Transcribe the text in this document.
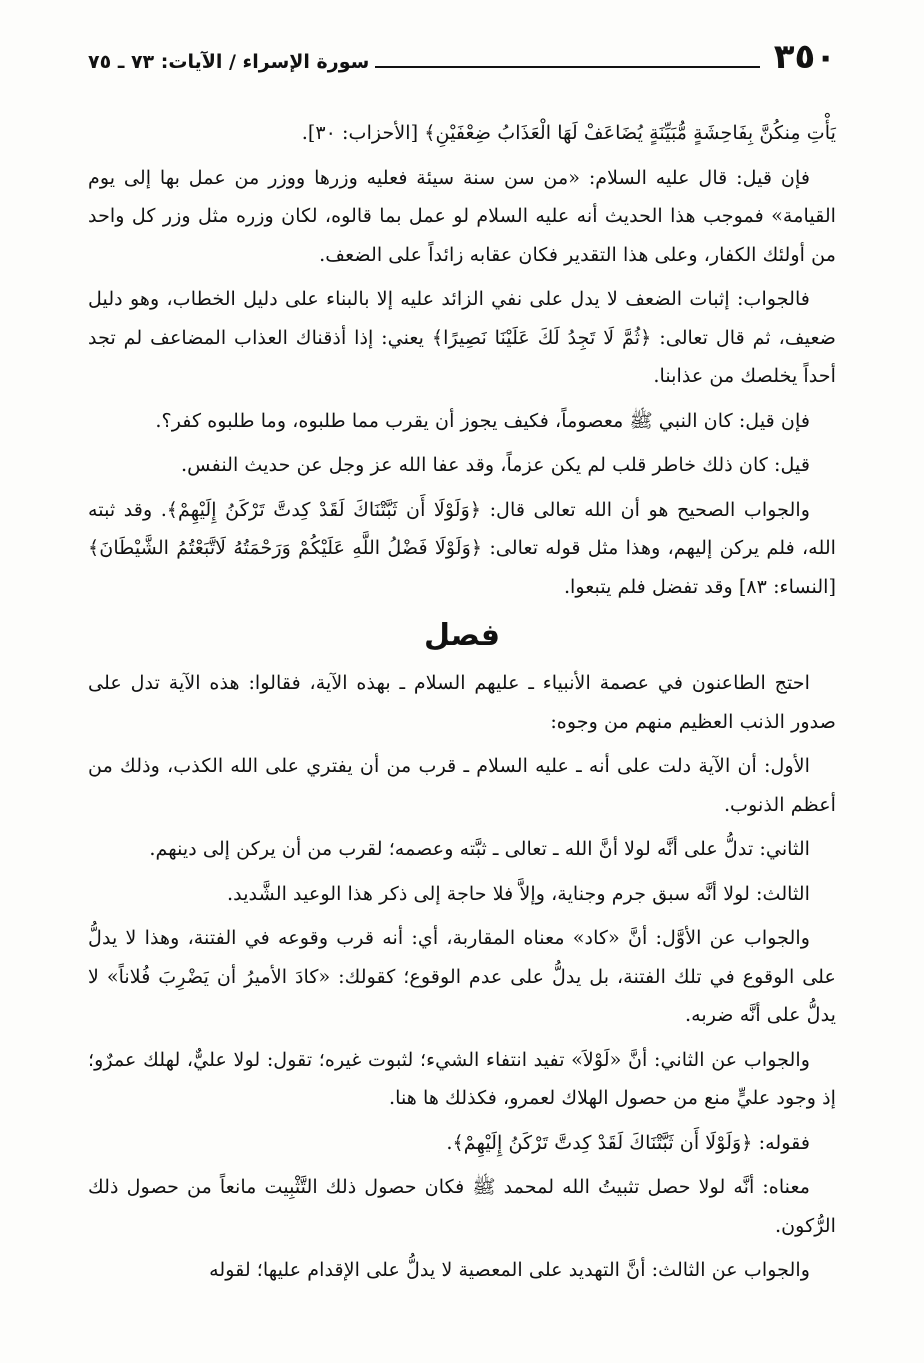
٣٥٠
سورة الإسراء / الآيات: ٧٣ ـ ٧٥

يَأْتِ مِنكُنَّ بِفَاحِشَةٍ مُّبَيِّنَةٍ يُضَاعَفْ لَهَا الْعَذَابُ ضِعْفَيْنِ﴾ [الأحزاب: ٣٠].

فإن قيل: قال عليه السلام: «من سن سنة سيئة فعليه وزرها ووزر من عمل بها إلى يوم القيامة» فموجب هذا الحديث أنه عليه السلام لو عمل بما قالوه، لكان وزره مثل وزر كل واحد من أولئك الكفار، وعلى هذا التقدير فكان عقابه زائداً على الضعف.

فالجواب: إثبات الضعف لا يدل على نفي الزائد عليه إلا بالبناء على دليل الخطاب، وهو دليل ضعيف، ثم قال تعالى: ﴿ثُمَّ لَا تَجِدُ لَكَ عَلَيْنَا نَصِيرًا﴾ يعني: إذا أذقناك العذاب المضاعف لم تجد أحداً يخلصك من عذابنا.

فإن قيل: كان النبي ﷺ معصوماً، فكيف يجوز أن يقرب مما طلبوه، وما طلبوه كفر؟.

قيل: كان ذلك خاطر قلب لم يكن عزماً، وقد عفا الله عز وجل عن حديث النفس.

والجواب الصحيح هو أن الله تعالى قال: ﴿وَلَوْلَا أَن ثَبَّتْنَاكَ لَقَدْ كِدتَّ تَرْكَنُ إِلَيْهِمْ﴾. وقد ثبته الله، فلم يركن إليهم، وهذا مثل قوله تعالى: ﴿وَلَوْلَا فَضْلُ اللَّهِ عَلَيْكُمْ وَرَحْمَتُهُ لَاتَّبَعْتُمُ الشَّيْطَانَ﴾ [النساء: ٨٣] وقد تفضل فلم يتبعوا.

فصل

احتج الطاعنون في عصمة الأنبياء ـ عليهم السلام ـ بهذه الآية، فقالوا: هذه الآية تدل على صدور الذنب العظيم منهم من وجوه:

الأول: أن الآية دلت على أنه ـ عليه السلام ـ قرب من أن يفتري على الله الكذب، وذلك من أعظم الذنوب.

الثاني: تدلُّ على أنَّه لولا أنَّ الله ـ تعالى ـ ثبَّته وعصمه؛ لقرب من أن يركن إلى دينهم.

الثالث: لولا أنَّه سبق جرم وجناية، وإلاَّ فلا حاجة إلى ذكر هذا الوعيد الشَّديد.

والجواب عن الأوَّل: أنَّ «كاد» معناه المقاربة، أي: أنه قرب وقوعه في الفتنة، وهذا لا يدلُّ على الوقوع في تلك الفتنة، بل يدلُّ على عدم الوقوع؛ كقولك: «كادَ الأميرُ أن يَضْرِبَ فُلاناً» لا يدلُّ على أنَّه ضربه.

والجواب عن الثاني: أنَّ «لَوْلاَ» تفيد انتفاء الشيء؛ لثبوت غيره؛ تقول: لولا عليٌّ، لهلك عمرٌو؛ إذ وجود عليٍّ منع من حصول الهلاك لعمرو، فكذلك ها هنا.

فقوله: ﴿وَلَوْلَا أَن ثَبَّتْنَاكَ لَقَدْ كِدتَّ تَرْكَنُ إِلَيْهِمْ﴾.

معناه: أنَّه لولا حصل تثبيتُ الله لمحمد ﷺ فكان حصول ذلك التَّثْبِيت مانعاً من حصول ذلك الرُّكون.

والجواب عن الثالث: أنَّ التهديد على المعصية لا يدلُّ على الإقدام عليها؛ لقوله
